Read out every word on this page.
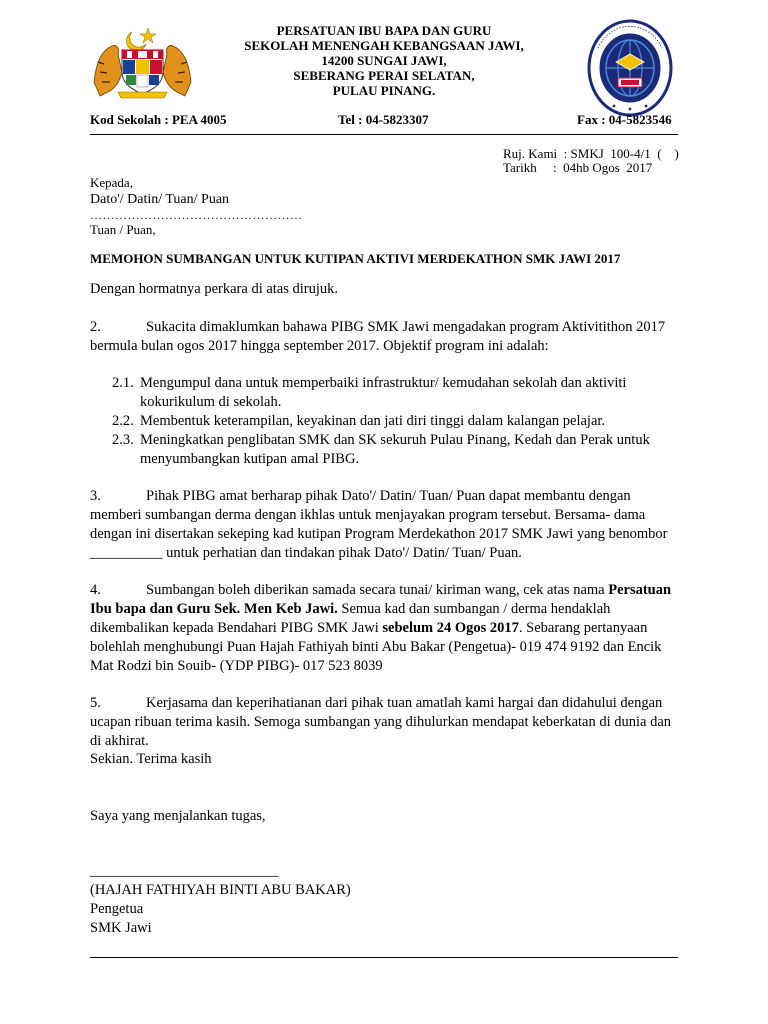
PERSATUAN IBU BAPA DAN GURU
SEKOLAH MENENGAH KEBANGSAAN JAWI,
14200 SUNGAI JAWI,
SEBERANG PERAI SELATAN,
PULAU PINANG.
Kod Sekolah : PEA 4005	Tel : 04-5823307	Fax : 04-5823546
Ruj. Kami  : SMKJ  100-4/1  (    )
Tarikh     :  04hb Ogos  2017
Kepada,
Dato'/ Datin/ Tuan/ Puan
……………………………………………
Tuan / Puan,
MEMOHON SUMBANGAN UNTUK KUTIPAN AKTIVI MERDEKATHON SMK JAWI 2017
Dengan hormatnya perkara di atas dirujuk.
2.	Sukacita dimaklumkan bahawa PIBG SMK Jawi mengadakan program Aktivitithon 2017 bermula bulan ogos 2017 hingga september 2017. Objektif program ini adalah:
2.1. Mengumpul dana untuk memperbaiki infrastruktur/ kemudahan sekolah dan aktiviti kokurikulum di sekolah.
2.2. Membentuk keterampilan, keyakinan dan jati diri tinggi dalam kalangan pelajar.
2.3. Meningkatkan penglibatan SMK dan SK sekuruh Pulau Pinang, Kedah dan Perak untuk menyumbangkan kutipan amal PIBG.
3.	Pihak PIBG amat berharap pihak Dato'/ Datin/ Tuan/ Puan dapat membantu dengan memberi sumbangan derma dengan ikhlas untuk menjayakan program tersebut. Bersama- dama dengan ini disertakan sekeping kad kutipan Program Merdekathon 2017 SMK Jawi yang benombor __________ untuk perhatian dan tindakan pihak Dato'/ Datin/ Tuan/ Puan.
4.	Sumbangan boleh diberikan samada secara tunai/ kiriman wang, cek atas nama Persatuan Ibu bapa dan Guru Sek. Men Keb Jawi. Semua kad dan sumbangan / derma hendaklah dikembalikan kepada Bendahari PIBG SMK Jawi sebelum 24 Ogos 2017. Sebarang pertanyaan bolehlah menghubungi Puan Hajah Fathiyah binti Abu Bakar (Pengetua)- 019 474 9192 dan Encik Mat Rodzi bin Souib- (YDP PIBG)- 017 523 8039
5.	Kerjasama dan keperihatianan dari pihak tuan amatlah kami hargai dan didahului dengan ucapan ribuan terima kasih. Semoga sumbangan yang dihulurkan mendapat keberkatan di dunia dan di akhirat.
Sekian. Terima kasih
Saya yang menjalankan tugas,
__________________________
(HAJAH FATHIYAH BINTI ABU BAKAR)
Pengetua
SMK Jawi
